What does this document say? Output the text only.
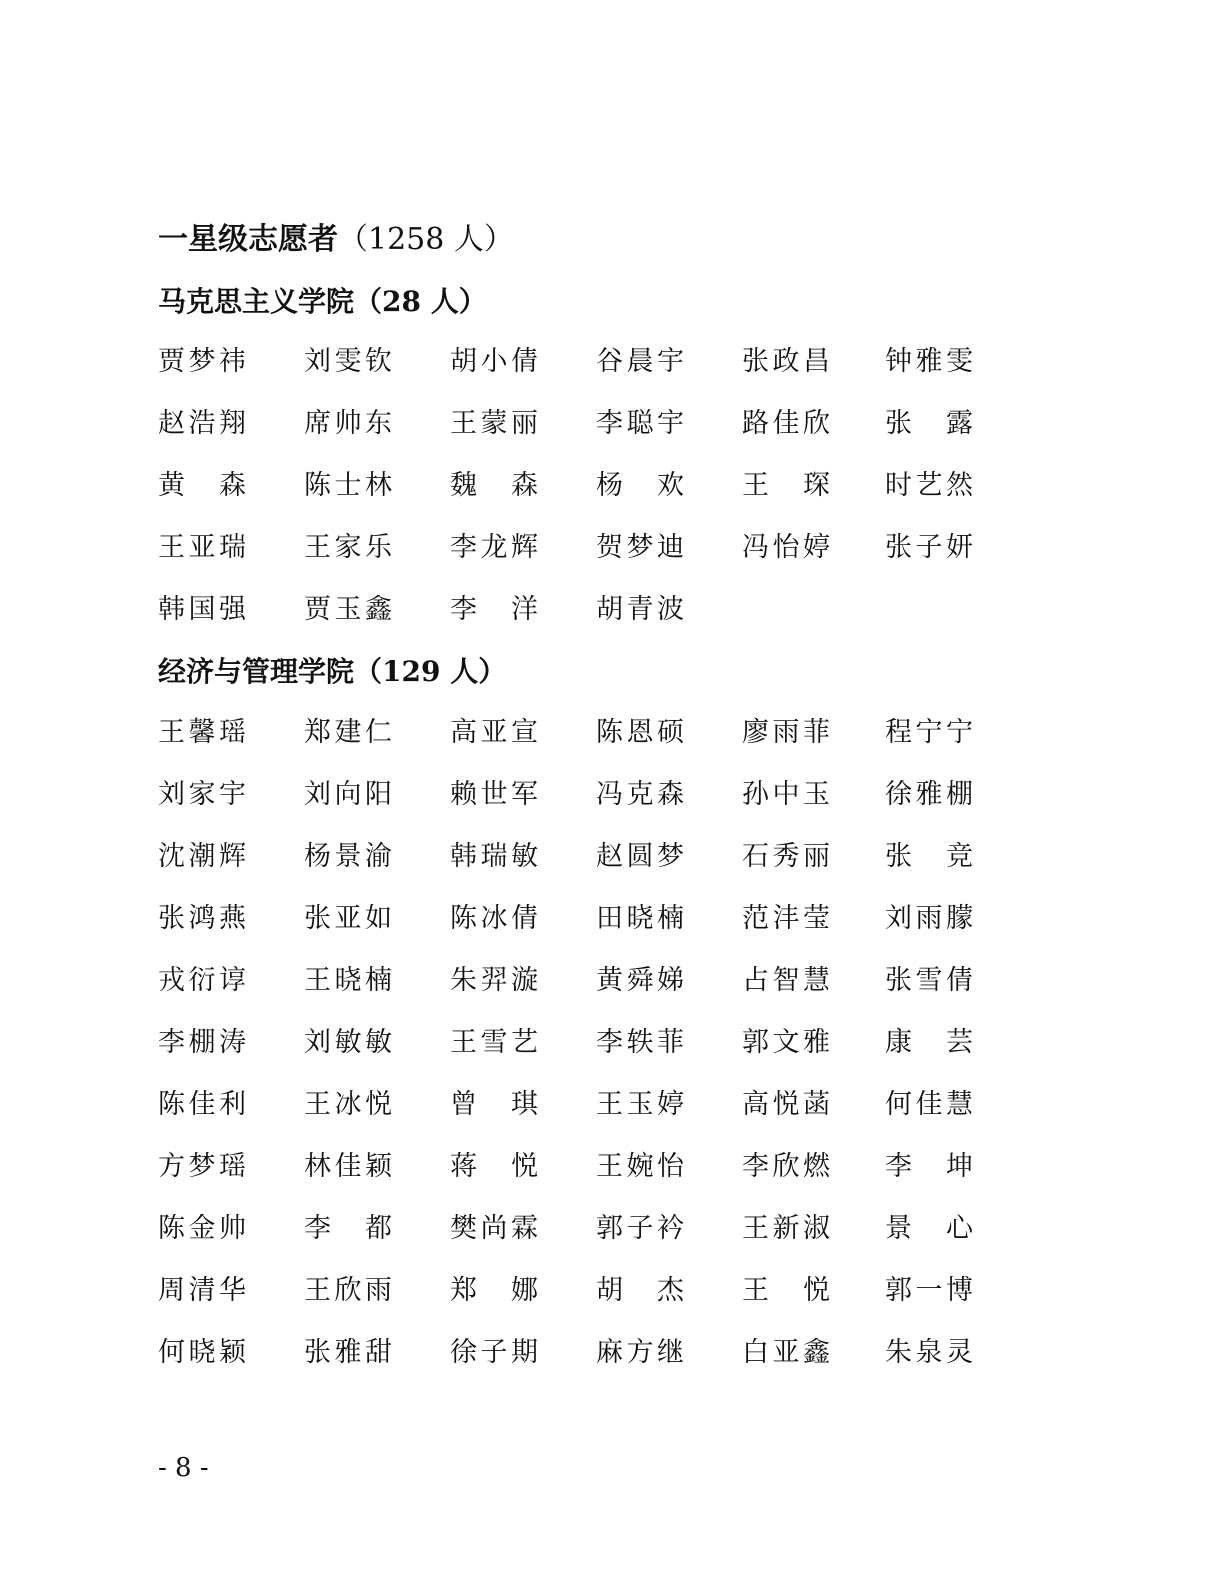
一星级志愿者（1258 人）
马克思主义学院（28 人）
贾 梦 祎 刘 雯 钦 胡 小 倩 谷 晨 宇 张 政 昌 钟 雅 雯
赵 浩 翔 席 帅 东 王 蒙 丽 李 聪 宇 路 佳 欣 张 露
黄 森 陈 士 林 魏 森 杨 欢 王 琛 时 艺 然
王 亚 瑞 王 家 乐 李 龙 辉 贺 梦 迪 冯 怡 婷 张 子 妍
韩 国 强 贾 玉 鑫 李 洋 胡 青 波
经济与管理学院（129 人）
王 馨 瑶 郑 建 仁 高 亚 宣 陈 恩 硕 廖 雨 菲 程 宁 宁
刘 家 宇 刘 向 阳 赖 世 军 冯 克 森 孙 中 玉 徐 雅 棚
沈 潮 辉 杨 景 渝 韩 瑞 敏 赵 圆 梦 石 秀 丽 张 竞
张 鸿 燕 张 亚 如 陈 冰 倩 田 晓 楠 范 沣 莹 刘 雨 朦
戎 衍 谆 王 晓 楠 朱 羿 漩 黄 舜 娣 占 智 慧 张 雪 倩
李 棚 涛 刘 敏 敏 王 雪 艺 李 轶 菲 郭 文 雅 康 芸
陈 佳 利 王 冰 悦 曾 琪 王 玉 婷 高 悦 菡 何 佳 慧
方 梦 瑶 林 佳 颖 蒋 悦 王 婉 怡 李 欣 燃 李 坤
陈 金 帅 李 都 樊 尚 霖 郭 子 衿 王 新 淑 景 心
周 清 华 王 欣 雨 郑 娜 胡 杰 王 悦 郭 一 博
何 晓 颖 张 雅 甜 徐 子 期 麻 方 继 白 亚 鑫 朱 泉 灵
- 8 -
